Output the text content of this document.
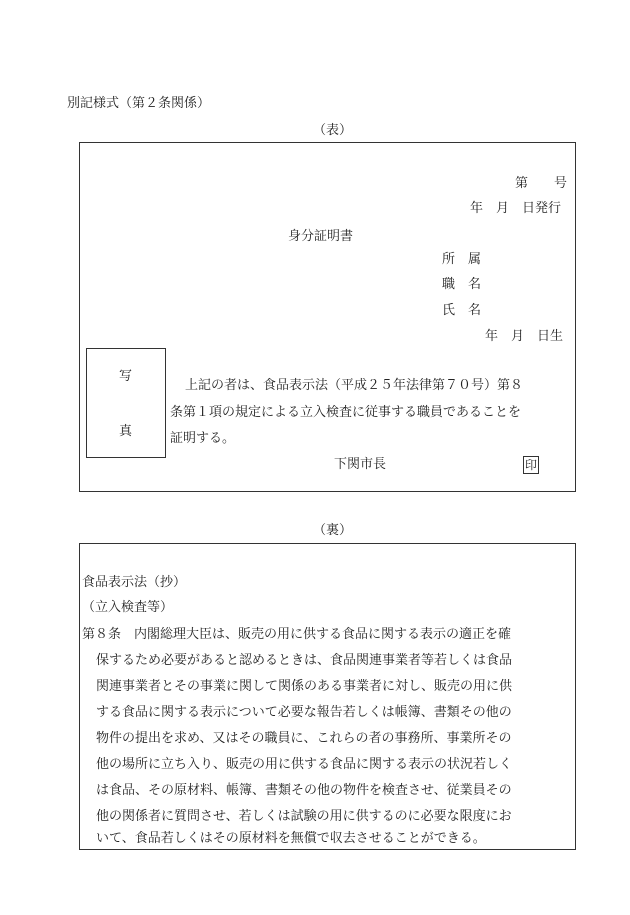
別記様式（第２条関係）
（表）
第　　号
年　月　日発行
身分証明書
所　属
職　名
氏　名
年　月　日生
写
真
上記の者は、食品表示法（平成２５年法律第７０号）第８
条第１項の規定による立入検査に従事する職員であることを
証明する。
下関市長	印
（裏）
食品表示法（抄）
（立入検査等）
第８条　内閣総理大臣は、販売の用に供する食品に関する表示の適正を確
保するため必要があると認めるときは、食品関連事業者等若しくは食品
関連事業者とその事業に関して関係のある事業者に対し、販売の用に供
する食品に関する表示について必要な報告若しくは帳簿、書類その他の
物件の提出を求め、又はその職員に、これらの者の事務所、事業所その
他の場所に立ち入り、販売の用に供する食品に関する表示の状況若しく
は食品、その原材料、帳簿、書類その他の物件を検査させ、従業員その
他の関係者に質問させ、若しくは試験の用に供するのに必要な限度にお
いて、食品若しくはその原材料を無償で収去させることができる。
